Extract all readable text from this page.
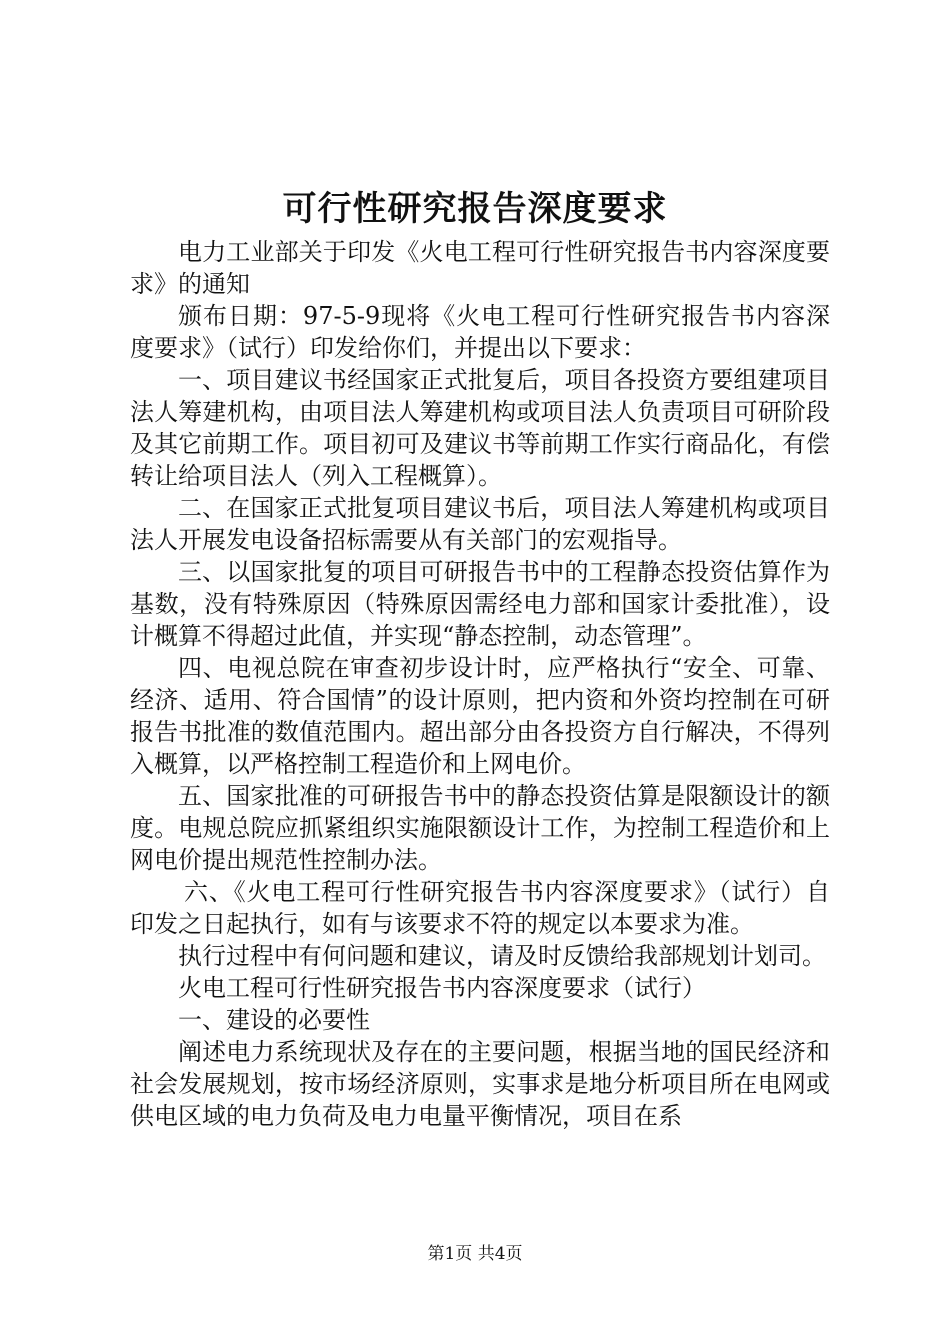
可行性研究报告深度要求

电力工业部关于印发《火电工程可行性研究报告书内容深度要求》的通知

颁布日期：97-5-9现将《火电工程可行性研究报告书内容深度要求》（试行）印发给你们，并提出以下要求：

一、项目建议书经国家正式批复后，项目各投资方要组建项目法人筹建机构，由项目法人筹建机构或项目法人负责项目可研阶段及其它前期工作。项目初可及建议书等前期工作实行商品化，有偿转让给项目法人（列入工程概算）。

二、在国家正式批复项目建议书后，项目法人筹建机构或项目法人开展发电设备招标需要从有关部门的宏观指导。

三、以国家批复的项目可研报告书中的工程静态投资估算作为基数，没有特殊原因（特殊原因需经电力部和国家计委批准），设计概算不得超过此值，并实现“静态控制，动态管理”。

四、电视总院在审查初步设计时，应严格执行“安全、可靠、经济、适用、符合国情”的设计原则，把内资和外资均控制在可研报告书批准的数值范围内。超出部分由各投资方自行解决，不得列入概算，以严格控制工程造价和上网电价。

五、国家批准的可研报告书中的静态投资估算是限额设计的额度。电规总院应抓紧组织实施限额设计工作，为控制工程造价和上网电价提出规范性控制办法。

六、《火电工程可行性研究报告书内容深度要求》（试行）自印发之日起执行，如有与该要求不符的规定以本要求为准。

执行过程中有何问题和建议，请及时反馈给我部规划计划司。

火电工程可行性研究报告书内容深度要求（试行）

一、建设的必要性

阐述电力系统现状及存在的主要问题，根据当地的国民经济和社会发展规划，按市场经济原则，实事求是地分析项目所在电网或供电区域的电力负荷及电力电量平衡情况，项目在系

第1页 共4页
